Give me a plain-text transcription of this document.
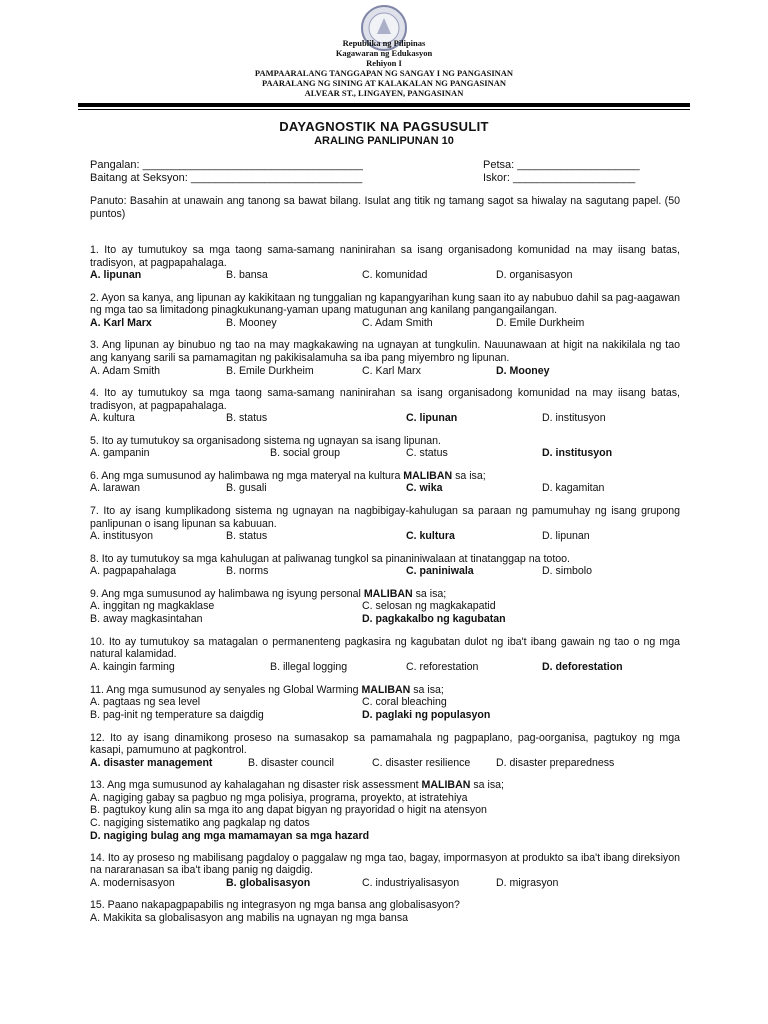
Republika ng Pilipinas
Kagawaran ng Edukasyon
Rehiyon I
PAMPAARALANG TANGGAPAN NG SANGAY I NG PANGASINAN
PAARALANG NG SINING AT KALAKALAN NG PANGASINAN
ALVEAR ST., LINGAYEN, PANGASINAN
DAYAGNOSTIK NA PAGSUSULIT
ARALING PANLIPUNAN 10
Pangalan: ____________________________________	Petsa: ____________________
Baitang at Seksyon: ____________________________	Iskor: ____________________
Panuto: Basahin at unawain ang tanong sa bawat bilang. Isulat ang titik ng tamang sagot sa hiwalay na sagutang papel. (50 puntos)
1. Ito ay tumutukoy sa mga taong sama-samang naninirahan sa isang organisadong komunidad na may iisang batas, tradisyon, at pagpapahalaga.
A. lipunan	B. bansa	C. komunidad	D. organisasyon
2. Ayon sa kanya, ang lipunan ay kakikitaan ng tunggalian ng kapangyarihan kung saan ito ay nabubuo dahil sa pag-aagawan ng mga tao sa limitadong pinagkukunang-yaman upang matugunan ang kanilang pangangailangan.
A. Karl Marx	B. Mooney	C. Adam Smith	D. Emile Durkheim
3. Ang lipunan ay binubuo ng tao na may magkakawing na ugnayan at tungkulin. Nauunawaan at higit na nakikilala ng tao ang kanyang sarili sa pamamagitan ng pakikisalamuha sa iba pang miyembro ng lipunan.
A. Adam Smith	B. Emile Durkheim	C. Karl Marx	D. Mooney
4. Ito ay tumutukoy sa mga taong sama-samang naninirahan sa isang organisadong komunidad na may iisang batas, tradisyon, at pagpapahalaga.
A. kultura	B. status	C. lipunan	D. institusyon
5. Ito ay tumutukoy sa organisadong sistema ng ugnayan sa isang lipunan.
A. gampanin	B. social group	C. status	D. institusyon
6. Ang mga sumusunod ay halimbawa ng mga materyal na kultura MALIBAN sa isa;
A. larawan	B. gusali	C. wika	D. kagamitan
7. Ito ay isang kumplikadong sistema ng ugnayan na nagbibigay-kahulugan sa paraan ng pamumuhay ng isang grupong panlipunan o isang lipunan sa kabuuan.
A. institusyon	B. status	C. kultura	D. lipunan
8. Ito ay tumutukoy sa mga kahulugan at paliwanag tungkol sa pinaniniwalaan at tinatanggap na totoo.
A. pagpapahalaga	B. norms	C. paniniwala	D. simbolo
9. Ang mga sumusunod ay halimbawa ng isyung personal MALIBAN sa isa;
A. inggitan ng magkaklase	C. selosan ng magkakapatid
B. away magkasintahan	D. pagkakalbo ng kagubatan
10. Ito ay tumutukoy sa matagalan o permanenteng pagkasira ng kagubatan dulot ng iba't ibang gawain ng tao o ng mga natural kalamidad.
A. kaingin farming	B. illegal logging	C. reforestation	D. deforestation
11. Ang mga sumusunod ay senyales ng Global Warming MALIBAN sa isa;
A. pagtaas ng sea level	C. coral bleaching
B. pag-init ng temperature sa daigdig	D. paglaki ng populasyon
12. Ito ay isang dinamikong proseso na sumasakop sa pamamahala ng pagpaplano, pag-oorganisa, pagtukoy ng mga kasapi, pamumuno at pagkontrol.
A. disaster management	B. disaster council	C. disaster resilience D. disaster preparedness
13. Ang mga sumusunod ay kahalagahan ng disaster risk assessment MALIBAN sa isa;
A. nagiging gabay sa pagbuo ng mga polisiya, programa, proyekto, at istratehiya
B. pagtukoy kung alin sa mga ito ang dapat bigyan ng prayoridad o higit na atensyon
C. nagiging sistematiko ang pagkalap ng datos
D. nagiging bulag ang mga mamamayan sa mga hazard
14. Ito ay proseso ng mabilisang pagdaloy o paggalaw ng mga tao, bagay, impormasyon at produkto sa iba't ibang direksiyon na nararanasan sa iba't ibang panig ng daigdig.
A. modernisasyon	B. globalisasyon	C. industriyalisasyon	D. migrasyon
15. Paano nakapagpapabilis ng integrasyon ng mga bansa ang globalisasyon?
A. Makikita sa globalisasyon ang mabilis na ugnayan ng mga bansa
